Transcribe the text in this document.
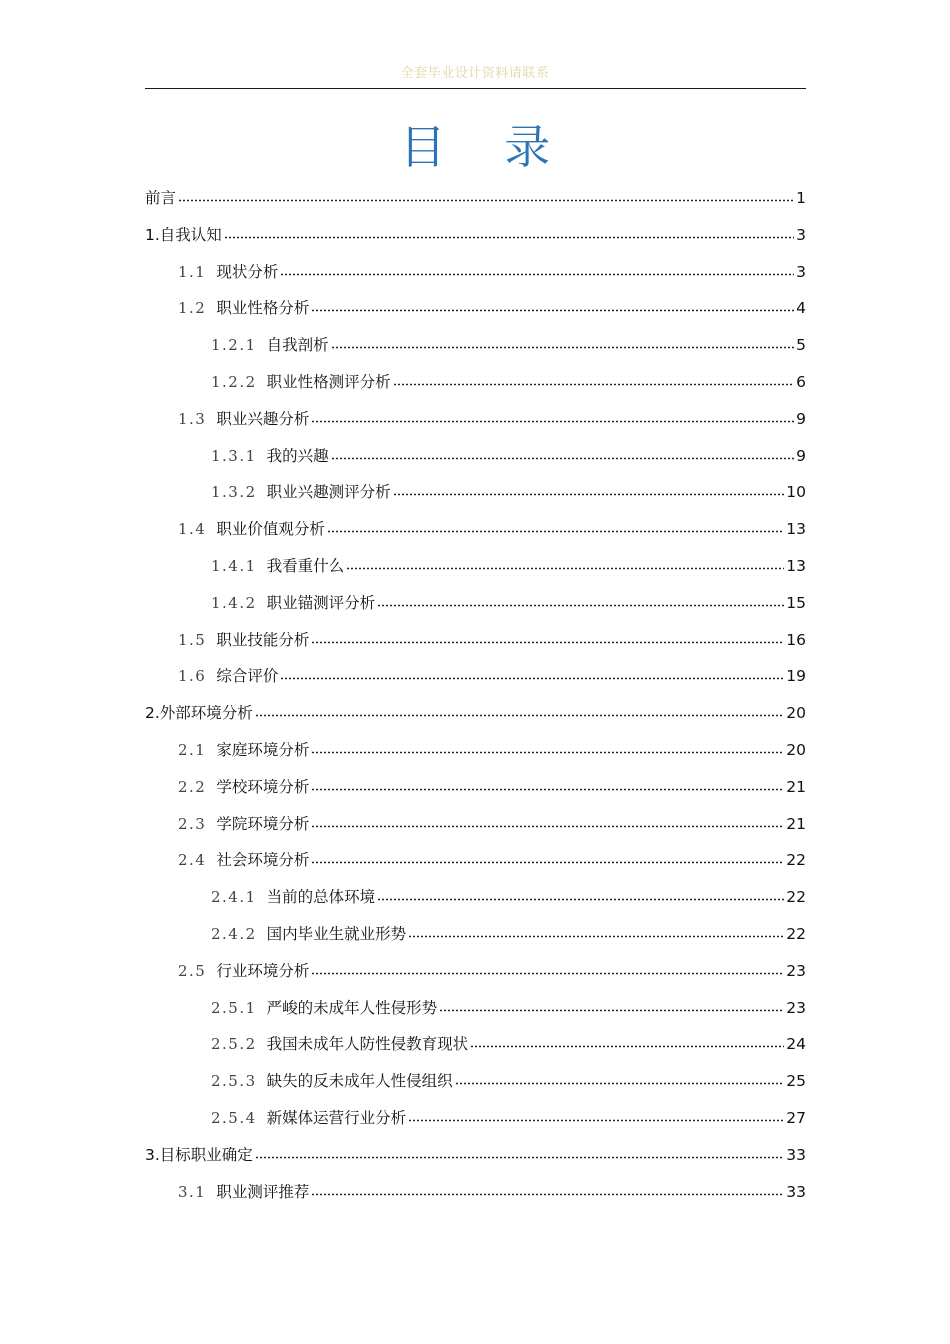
全套毕业设计资料请联系
目 录
前言	1
1. 自我认知	3
1.1 现状分析	3
1.2 职业性格分析	4
1.2.1 自我剖析	5
1.2.2 职业性格测评分析	6
1.3 职业兴趣分析	9
1.3.1 我的兴趣	9
1.3.2 职业兴趣测评分析	10
1.4 职业价值观分析	13
1.4.1 我看重什么	13
1.4.2 职业锚测评分析	15
1.5 职业技能分析	16
1.6 综合评价	19
2. 外部环境分析	20
2.1 家庭环境分析	20
2.2 学校环境分析	21
2.3 学院环境分析	21
2.4 社会环境分析	22
2.4.1 当前的总体环境	22
2.4.2 国内毕业生就业形势	22
2.5 行业环境分析	23
2.5.1 严峻的未成年人性侵形势	23
2.5.2 我国未成年人防性侵教育现状	24
2.5.3 缺失的反未成年人性侵组织	25
2.5.4 新媒体运营行业分析	27
3. 目标职业确定	33
3.1 职业测评推荐	33
